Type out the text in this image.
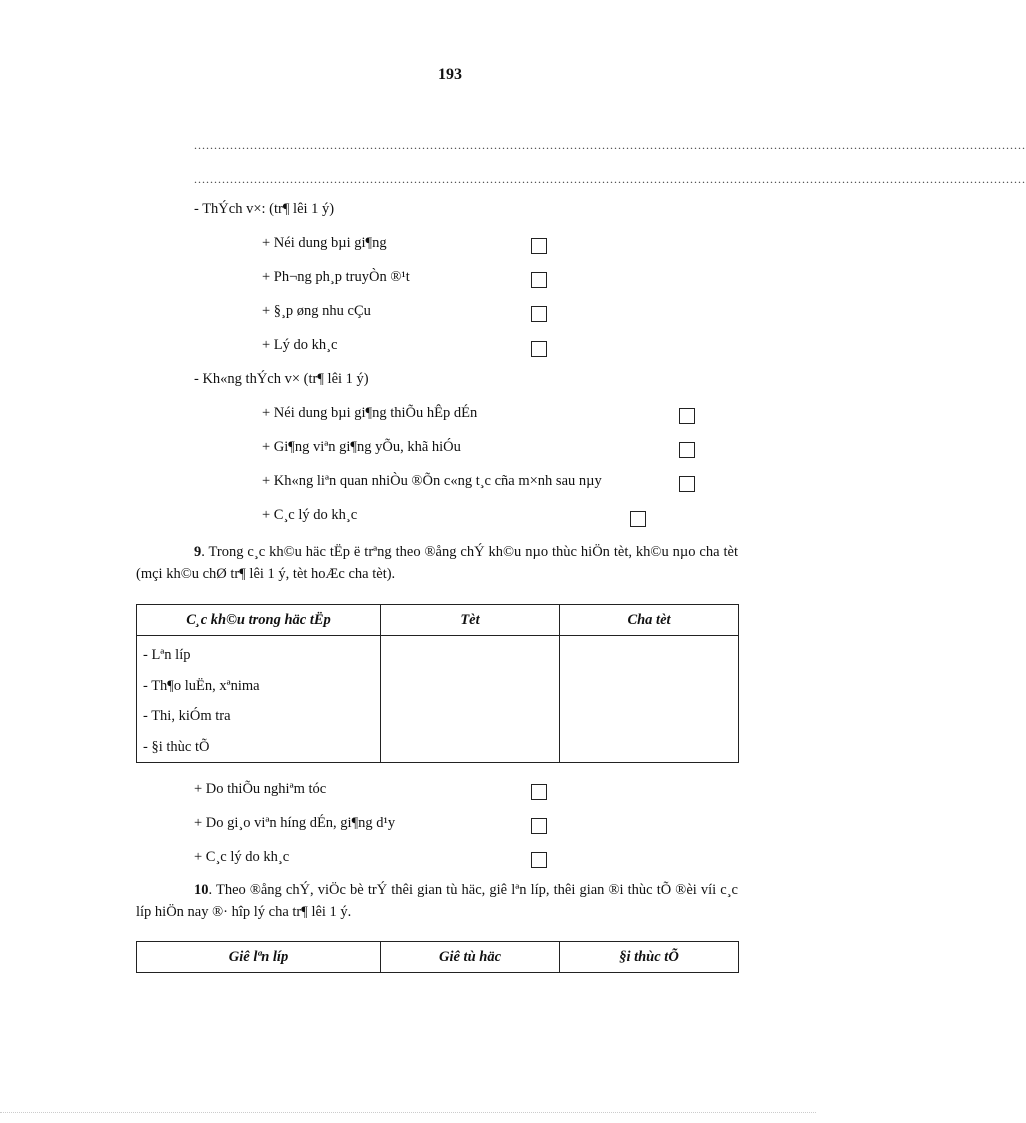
193
................................................................................................................................................................................................................
................................................................................................................................................................................................................
- ThÝch v×: (tr¶ lêi 1 ý)
+ Néi dung bµi gi¶ng
+ Ph¬ng ph¸p truyÒn ®¹t
+ §¸p øng nhu cÇu
+ Lý do kh¸c
- Kh«ng thÝch v× (tr¶ lêi 1 ý)
+ Néi dung bµi gi¶ng thiÕu hÊp dÉn
+ Gi¶ng viªn gi¶ng yÕu, khã hiÓu
+ Kh«ng liªn quan nhiÒu ®Õn c«ng t¸c cña m×nh sau nµy
+ C¸c lý do kh¸c
9. Trong c¸c kh©u häc tËp ë trªng theo ®ång chÝ kh©u nµo thùc hiÖn tèt, kh©u nµo cha tèt (mçi kh©u chØ tr¶ lêi 1 ý, tèt hoÆc cha tèt).
C¸c kh©u trong häc tËp	Tèt	Cha tèt

- Lªn líp
- Th¶o luËn, xªnima
- Thi, kiÓm tra
- §i thùc tÕ		

+ Do thiÕu nghiªm tóc
+ Do gi¸o viªn híng dÉn, gi¶ng d¹y
+ C¸c lý do kh¸c
10. Theo ®ång chÝ, viÖc bè trÝ thêi gian tù häc, giê lªn líp, thêi gian ®i thùc tÕ ®èi víi c¸c líp hiÖn nay ®· hîp lý cha tr¶ lêi 1 ý.
Giê lªn líp	Giê tù häc	§i thùc tÕ
